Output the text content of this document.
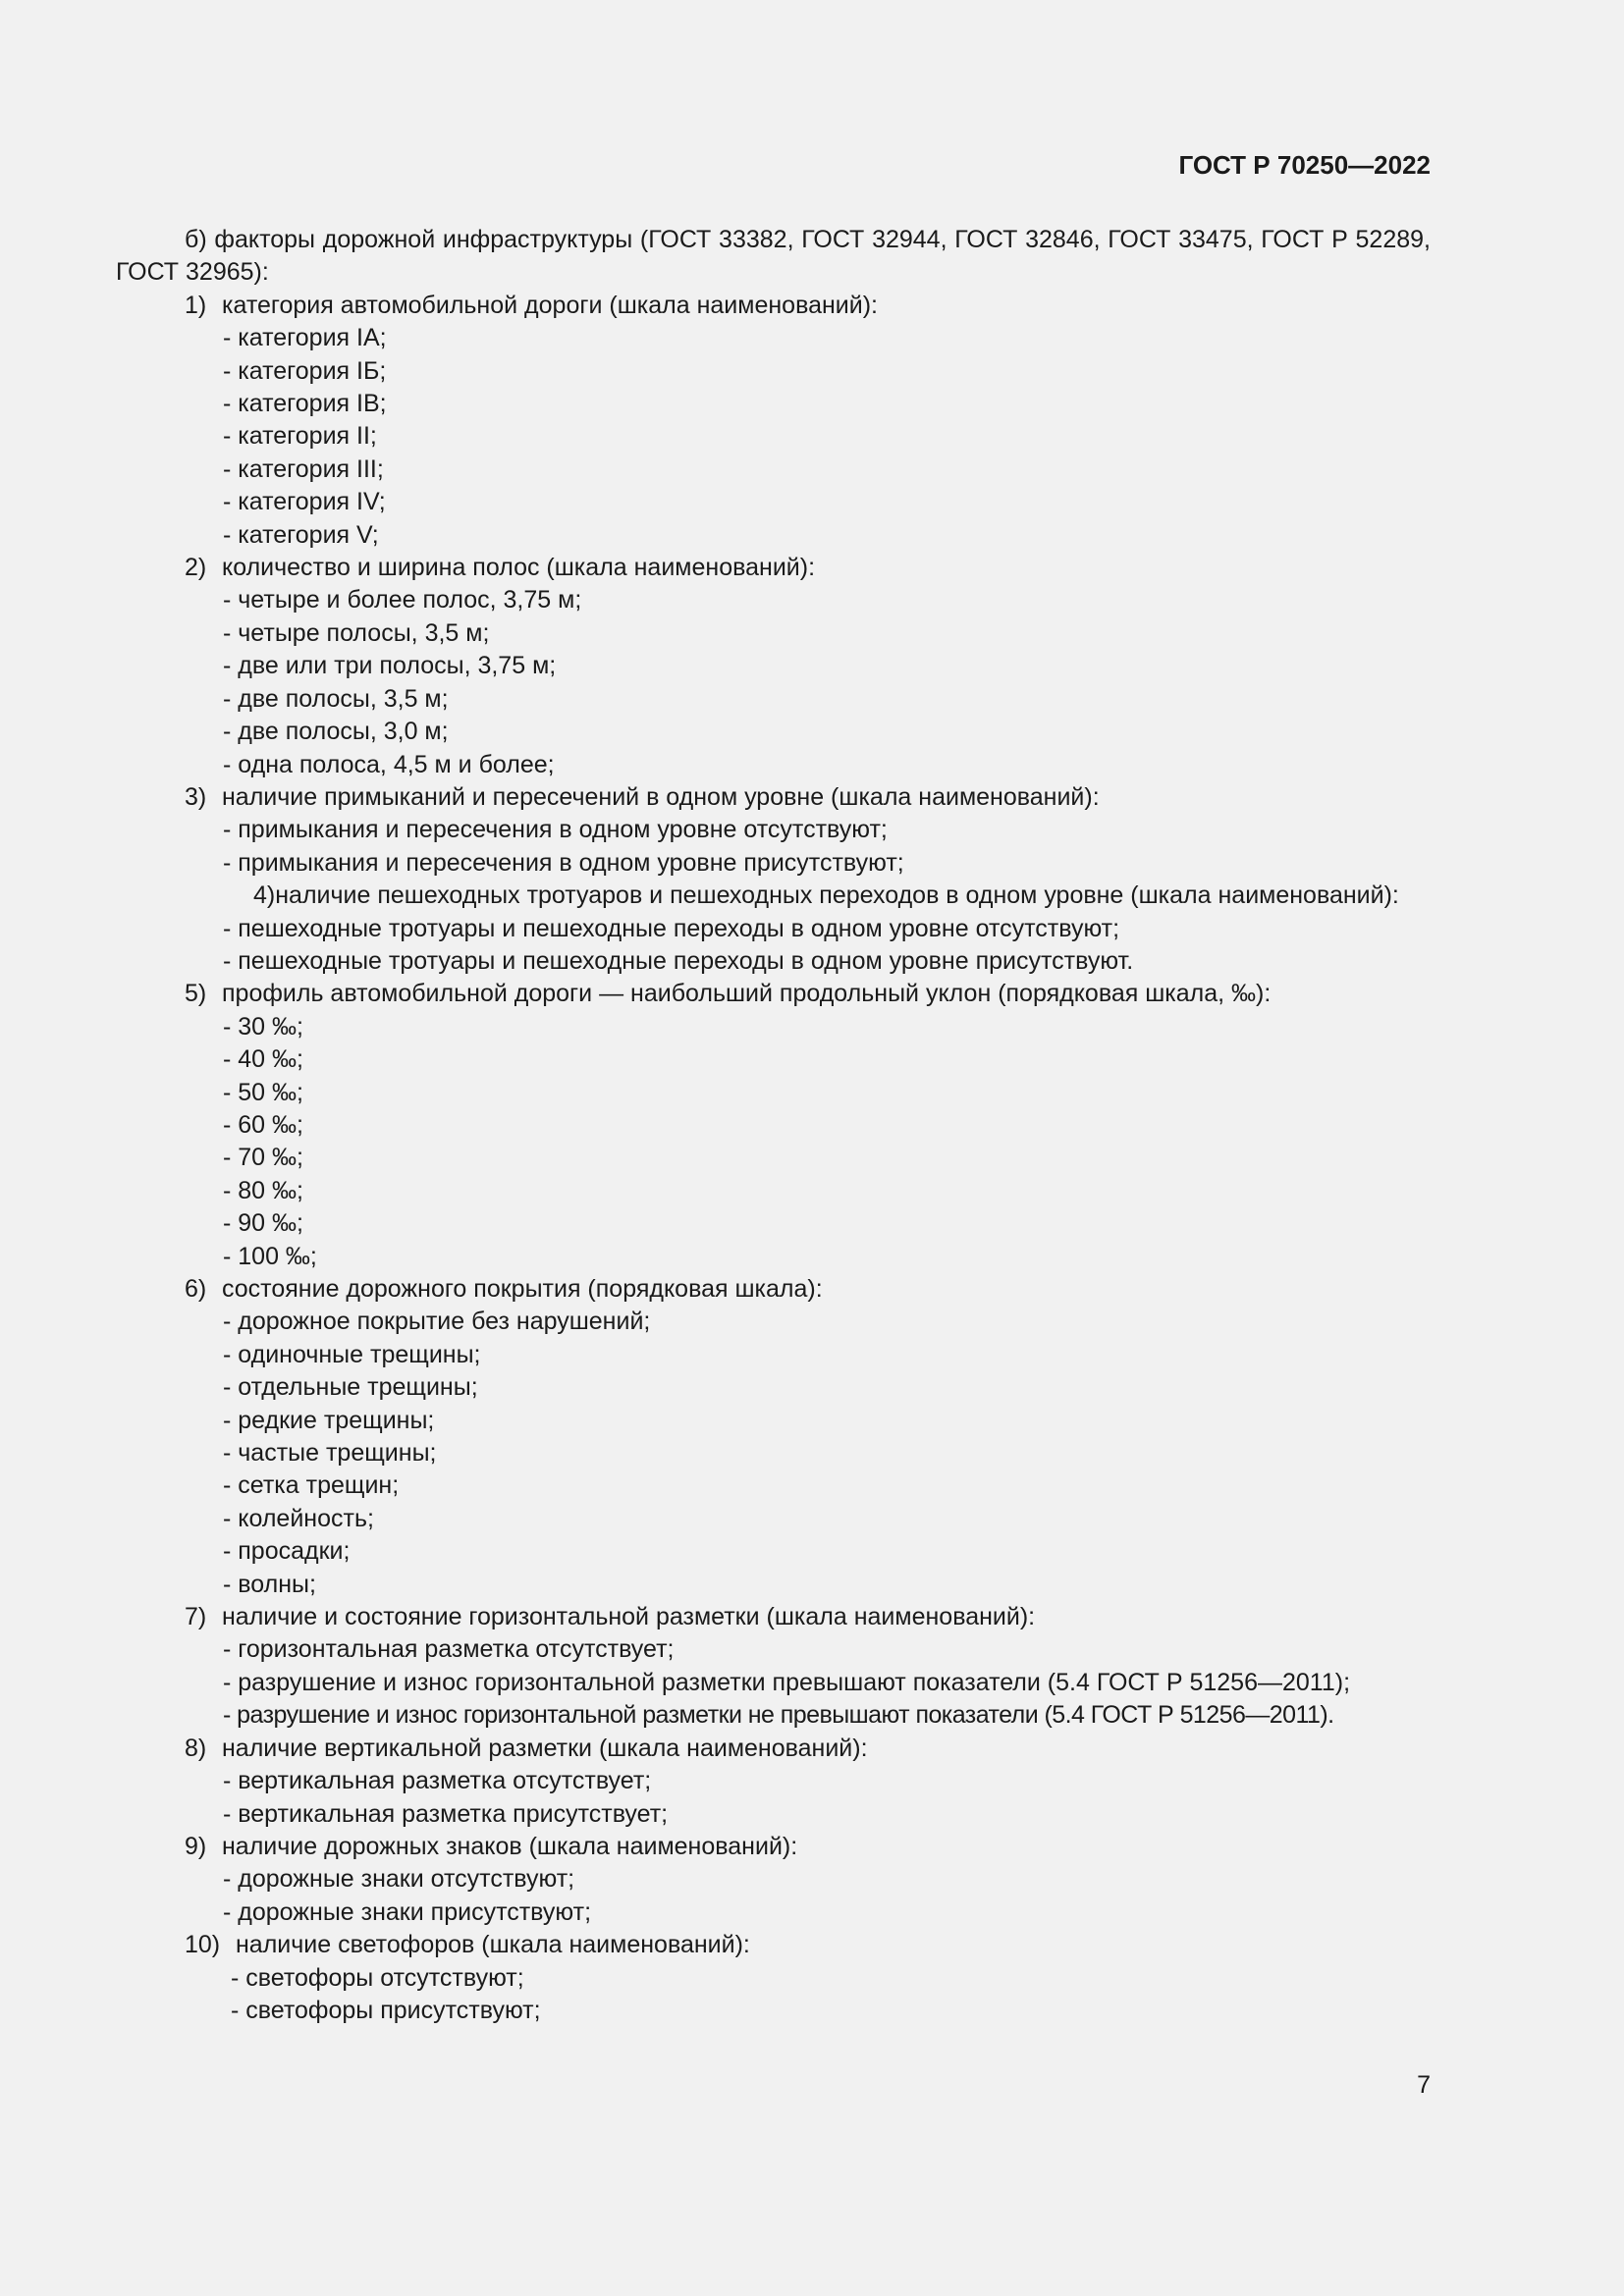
ГОСТ Р 70250—2022
б) факторы дорожной инфраструктуры (ГОСТ 33382, ГОСТ 32944, ГОСТ 32846, ГОСТ 33475, ГОСТ Р 52289, ГОСТ 32965):
1) категория автомобильной дороги (шкала наименований):
- категория IA;
- категория IБ;
- категория IB;
- категория II;
- категория III;
- категория IV;
- категория V;
2) количество и ширина полос (шкала наименований):
- четыре и более полос, 3,75 м;
- четыре полосы, 3,5 м;
- две или три полосы, 3,75 м;
- две полосы, 3,5 м;
- две полосы, 3,0 м;
- одна полоса, 4,5 м и более;
3) наличие примыканий и пересечений в одном уровне (шкала наименований):
- примыкания и пересечения в одном уровне отсутствуют;
- примыкания и пересечения в одном уровне присутствуют;
4)наличие пешеходных тротуаров и пешеходных переходов в одном уровне (шкала наименований):
- пешеходные тротуары и пешеходные переходы в одном уровне отсутствуют;
- пешеходные тротуары и пешеходные переходы в одном уровне присутствуют.
5) профиль автомобильной дороги — наибольший продольный уклон (порядковая шкала, ‰):
- 30 ‰;
- 40 ‰;
- 50 ‰;
- 60 ‰;
- 70 ‰;
- 80 ‰;
- 90 ‰;
- 100 ‰;
6) состояние дорожного покрытия (порядковая шкала):
- дорожное покрытие без нарушений;
- одиночные трещины;
- отдельные трещины;
- редкие трещины;
- частые трещины;
- сетка трещин;
- колейность;
- просадки;
- волны;
7) наличие и состояние горизонтальной разметки (шкала наименований):
- горизонтальная разметка отсутствует;
- разрушение и износ горизонтальной разметки превышают показатели (5.4 ГОСТ Р 51256—2011);
- разрушение и износ горизонтальной разметки не превышают показатели (5.4 ГОСТ Р 51256—2011).
8) наличие вертикальной разметки (шкала наименований):
- вертикальная разметка отсутствует;
- вертикальная разметка присутствует;
9) наличие дорожных знаков (шкала наименований):
- дорожные знаки отсутствуют;
- дорожные знаки присутствуют;
10) наличие светофоров (шкала наименований):
- светофоры отсутствуют;
- светофоры присутствуют;
7
